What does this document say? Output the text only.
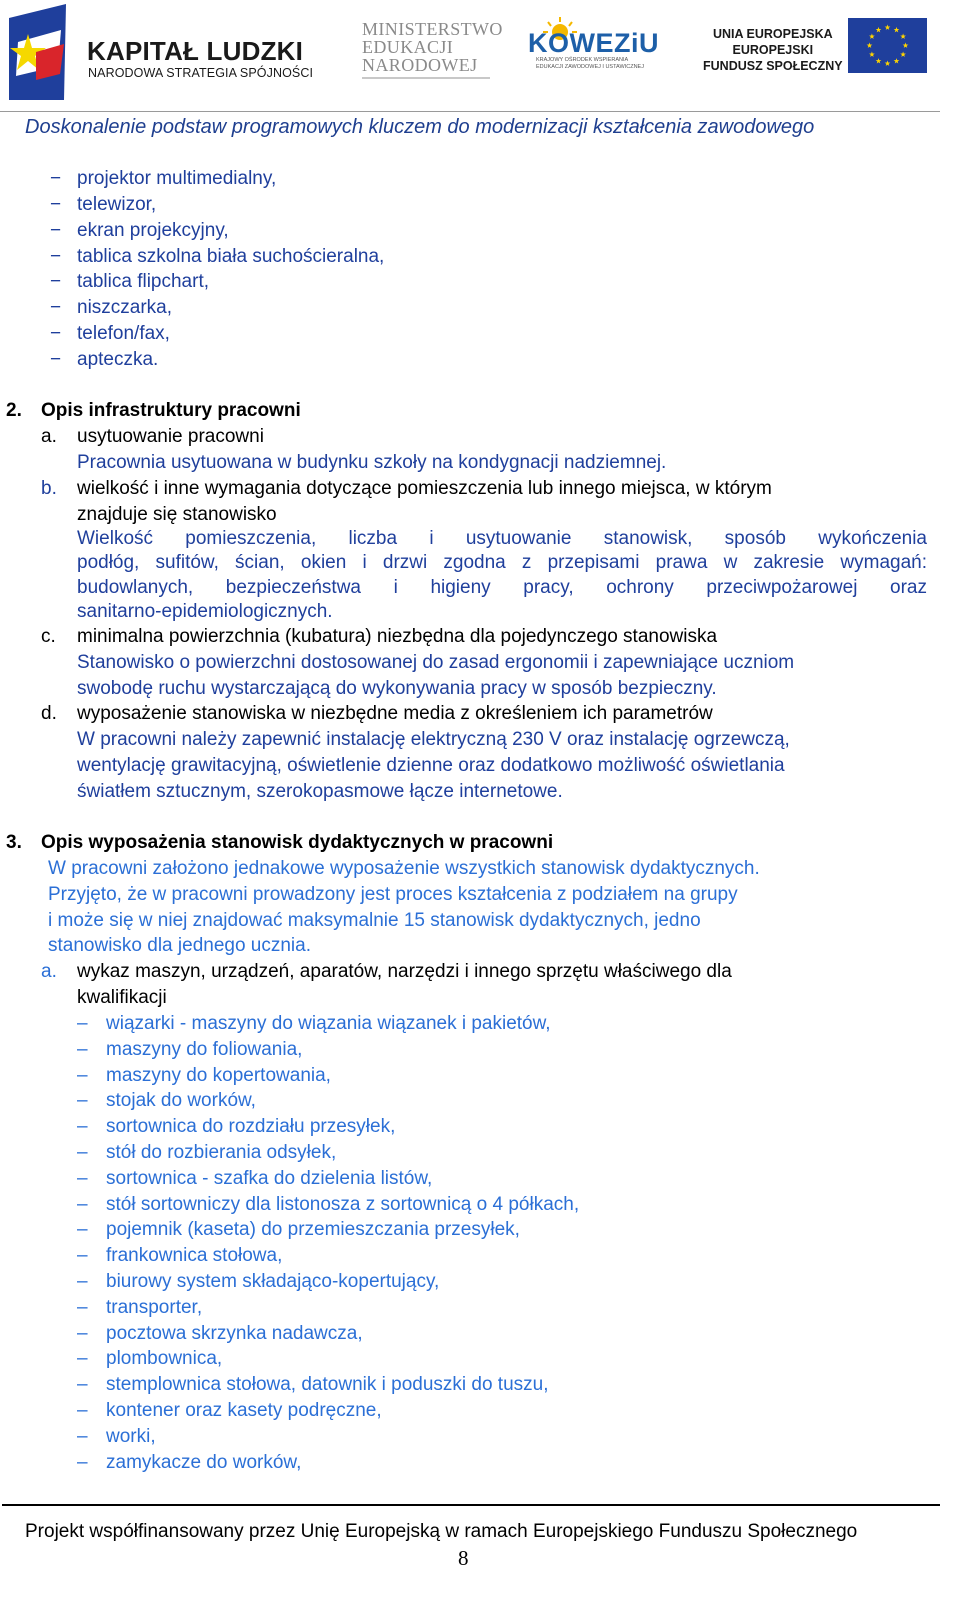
KAPITAŁ LUDZKI
NARODOWA STRATEGIA SPÓJNOŚCI
MINISTERSTWO
EDUKACJI
NARODOWEJ
KOWEZiU
KRAJOWY OŚRODEK WSPIERANIA
EDUKACJI ZAWODOWEJ I USTAWICZNEJ
UNIA EUROPEJSKA
EUROPEJSKI
FUNDUSZ SPOŁECZNY
Doskonalenie podstaw programowych kluczem do modernizacji kształcenia zawodowego
− projektor multimedialny,
− telewizor,
− ekran projekcyjny,
− tablica szkolna biała suchościeralna,
− tablica flipchart,
− niszczarka,
− telefon/fax,
− apteczka.
2. Opis infrastruktury pracowni
a. usytuowanie pracowni
Pracownia usytuowana w budynku szkoły na kondygnacji nadziemnej.
b. wielkość i inne wymagania dotyczące pomieszczenia lub innego miejsca, w którym
znajduje się stanowisko
Wielkość pomieszczenia, liczba i usytuowanie stanowisk, sposób wykończenia
podłóg, sufitów, ścian, okien i drzwi zgodna z przepisami prawa w zakresie wymagań:
budowlanych, bezpieczeństwa i higieny pracy, ochrony przeciwpożarowej oraz
sanitarno-epidemiologicznych.
c. minimalna powierzchnia (kubatura) niezbędna dla pojedynczego stanowiska
Stanowisko o powierzchni dostosowanej do zasad ergonomii i zapewniające uczniom
swobodę ruchu wystarczającą do wykonywania pracy w sposób bezpieczny.
d. wyposażenie stanowiska w niezbędne media z określeniem ich parametrów
W pracowni należy zapewnić instalację elektryczną 230 V oraz instalację ogrzewczą,
wentylację grawitacyjną, oświetlenie dzienne oraz dodatkowo możliwość oświetlania
światłem sztucznym, szerokopasmowe łącze internetowe.
3. Opis wyposażenia stanowisk dydaktycznych w pracowni
W pracowni założono jednakowe wyposażenie wszystkich stanowisk dydaktycznych.
Przyjęto, że w pracowni prowadzony jest proces kształcenia z podziałem na grupy
i może się w niej znajdować maksymalnie 15 stanowisk dydaktycznych, jedno
stanowisko dla jednego ucznia.
a. wykaz maszyn, urządzeń, aparatów, narzędzi i innego sprzętu właściwego dla
kwalifikacji
– wiązarki - maszyny do wiązania wiązanek i pakietów,
– maszyny do foliowania,
– maszyny do kopertowania,
– stojak do worków,
– sortownica do rozdziału przesyłek,
– stół do rozbierania odsyłek,
– sortownica - szafka do dzielenia listów,
– stół sortowniczy dla listonosza z sortownicą o 4 półkach,
– pojemnik (kaseta) do przemieszczania przesyłek,
– frankownica stołowa,
– biurowy system składająco-kopertujący,
– transporter,
– pocztowa skrzynka nadawcza,
– plombownica,
– stemplownica stołowa, datownik i poduszki do tuszu,
– kontener oraz kasety podręczne,
– worki,
– zamykacze do worków,
Projekt współfinansowany przez Unię Europejską w ramach Europejskiego Funduszu Społecznego
8
